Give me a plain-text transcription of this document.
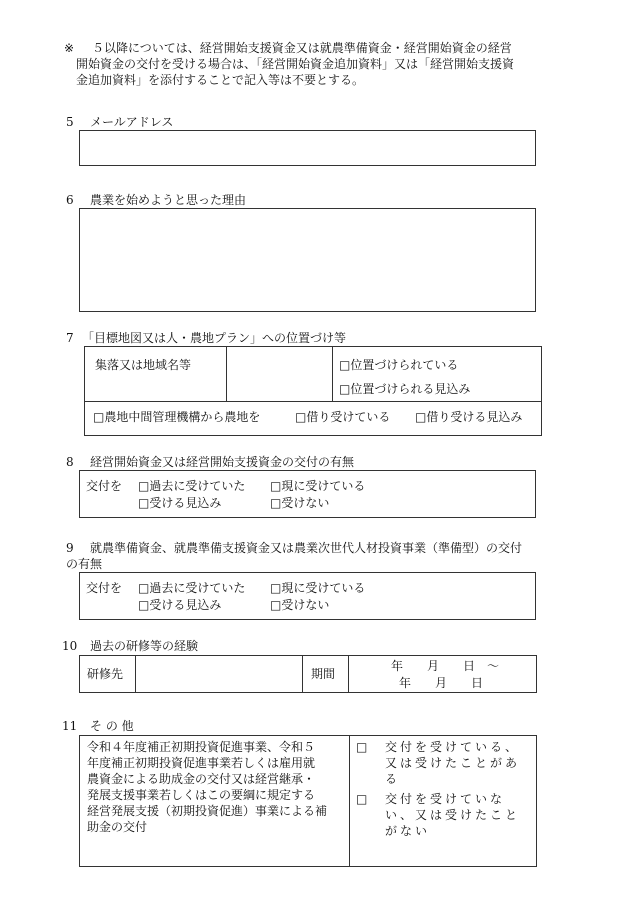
※ ５以降については、経営開始支援資金又は就農準備資金・経営開始資金の経営
開始資金の交付を受ける場合は、「経営開始資金追加資料」又は「経営開始支援資
金追加資料」を添付することで記入等は不要とする。
5 メールアドレス
6 農業を始めようと思った理由
7 「目標地図又は人・農地プラン」への位置づけ等
集落又は地域名等	□位置づけられている
□位置づけられる見込み
□農地中間管理機構から農地を	□借り受けている □借り受ける見込み
8 経営開始資金又は経営開始支援資金の交付の有無
交付を □過去に受けていた □現に受けている
□受ける見込み	□受けない
9 就農準備資金、就農準備支援資金又は農業次世代人材投資事業（準備型）の交付
の有無
交付を □過去に受けていた □現に受けている
□受ける見込み	□受けない
10 過去の研修等の経験
研修先	期間
年　　月　　日　～
年　　月　　日
11 そ の 他
令和４年度補正初期投資促進事業、令和５
年度補正初期投資促進事業若しくは雇用就
農資金による助成金の交付又は経営継承・
発展支援事業若しくはこの要綱に規定する
経営発展支援（初期投資促進）事業による補
助金の交付
□ 交付を受けている、
又は受けたことがあ
る
□ 交付を受けていな
い、又は受けたこと
がない
